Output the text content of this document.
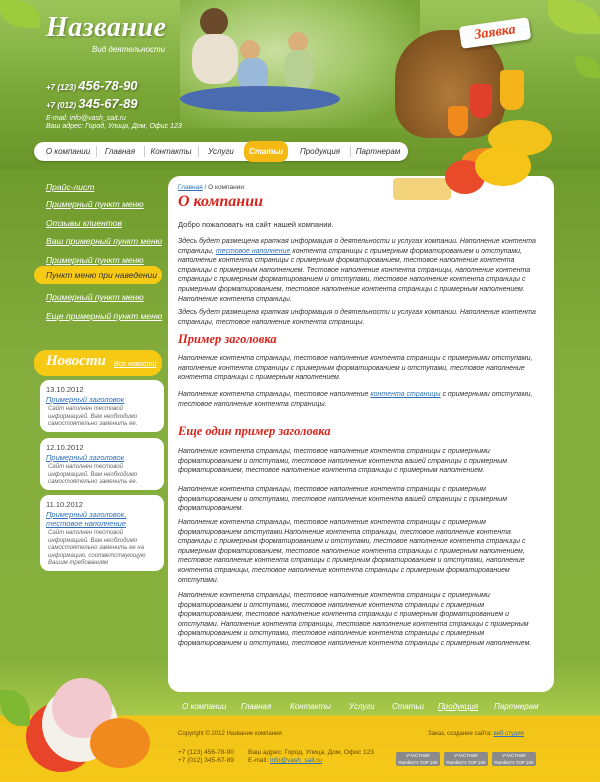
Название
Вид деятельности
+7 (123) 456-78-90
+7 (012) 345-67-89
E-mail: info@vash_sait.ru
Ваш адрес: Город, Улица, Дом, Офис 123
Заявка
О компании	Главная	Контакты	Услуги	Статьи	Продукция	Партнерам
Прайс-лист
Примерный пункт меню
Отзывы клиентов
Ваш примерный пункт меню
Примерный пункт меню
Пункт меню при наведении
Примерный пункт меню
Еще примерный пункт меню
Новости Все новости
13.10.2012
Примерный заголовок
Сайт наполнен тестовой информацией. Вам необходимо самостоятельно заменить ее.
12.10.2012
Примерный заголовок
Сайт наполнен тестовой информацией. Вам необходимо самостоятельно заменить ее.
11.10.2012
Примерный заголовок, тестовое наполнение
Сайт наполнен тестовой информацией. Вам необходимо самостоятельно заменить ее на информацию, соответствующую Вашим требованиям
Главная / О компании
О компании
Добро пожаловать на сайт нашей компании.
Здесь будет размещена краткая информация о деятельности и услугах компании. Наполнение контента страницы, тестовое наполнение контента страницы с примерным форматированием и отступами, наполнение контента страницы с примерным форматированием, тестовое наполнение контента страницы с примерным наполнением. Тестовое наполнение контента страницы, наполнение контента страницы с примерным форматированием и отступами, тестовое наполнение контента страницы с примерным форматированием, тестовое наполнение контента страницы с примерным наполнением. Наполнение контента страницы.
Здесь будет размещена краткая информация о деятельности и услугах компании. Наполнение контента страницы, тестовое наполнение контента страницы.
Пример заголовка
Наполнение контента страницы, тестовое наполнение контента страницы с примерными отступами, наполнение контента страницы с примерным форматированием и отступами, тестовое наполнение контента страницы с примерным наполнением.
Наполнение контента страницы, тестовое наполнение контента страницы с примерными отступами, тестовое наполнение контента страницы.
Еще один пример заголовка
Наполнение контента страницы, тестовое наполнение контента страницы с примерными форматированием и отступами, тестовое наполнение контента вашей страницы с примерным форматированием, тестовое наполнение контента страницы с примерным наполнением.
Наполнение контента страницы, тестовое наполнение контента страницы с примерным форматированием и отступами, тестовое наполнение контента вашей страницы с примерным форматированием.
Наполнение контента страницы, тестовое наполнение контента страницы с примерным форматированием отступами.Наполнение контента страницы, тестовое наполнение контента страницы с примерным форматированием и отступами, тестовое наполнение контента страницы с примерным форматированием, тестовое наполнение контента страницы с примерным наполнением, тестовое наполнение контента страницы с примерным форматированием и отступами, наполнение контента страницы, тестовое наполнение контента страницы с примерным форматированием отступами.
Наполнение контента страницы, тестовое наполнение контента страницы с примерными форматированием и отступами, тестовое наполнение контента страницы с примерным форматированием, тестовое наполнение контента страницы с примерным форматированием и отступами. Наполнение контента страницы, тестовое наполнение контента страницы с примерным форматированием и отступами, тестовое наполнение контента страницы с примерным форматированием и отступами, тестовое наполнение контента страницы с примерным наполнением.
О компании Главная Контакты Услуги Статьи Продукция Партнерам
Copyright © 2012 Название компании	Заказ, создание сайта: веб студия
+7 (123) 456-78-90
+7 (012) 345-67-89
Ваш адрес: Город, Улица, Дом, Офис 123
E-mail: info@vash_sait.ru
УЧАСТНИК Rambler's TOP 100
УЧАСТНИК Rambler's TOP 100
УЧАСТНИК Rambler's TOP 100
